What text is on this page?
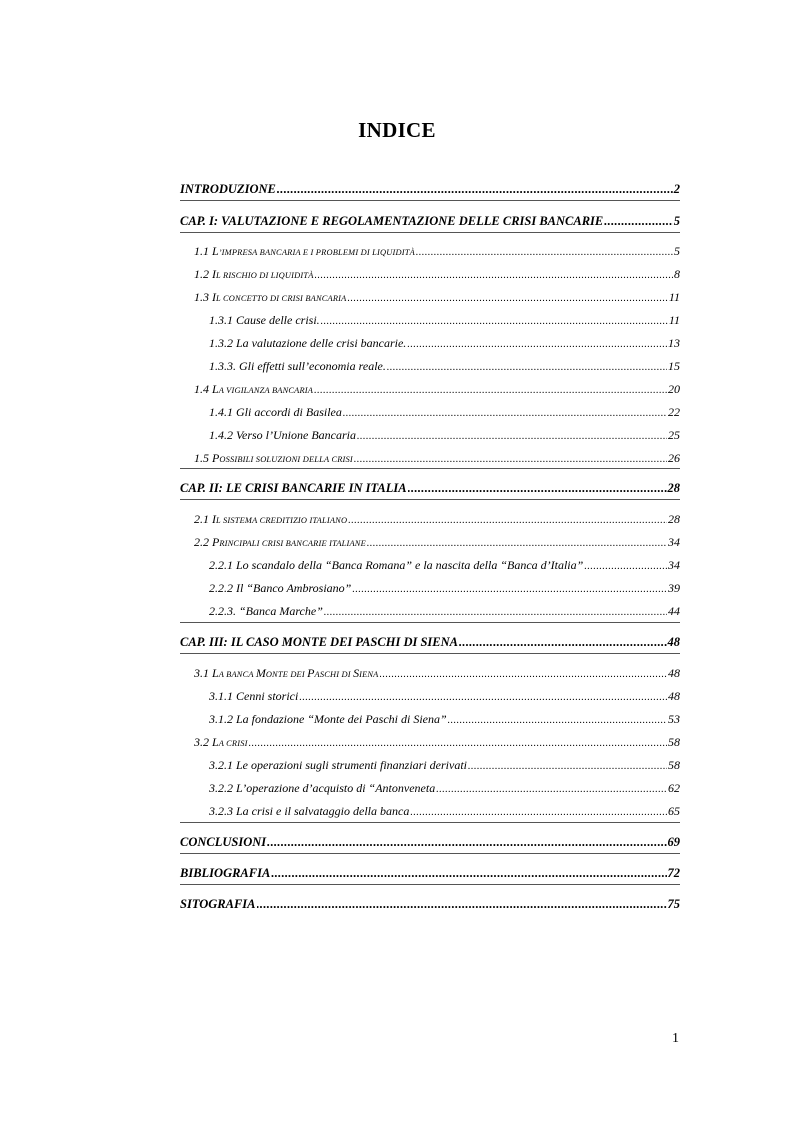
INDICE
INTRODUZIONE .....	2
CAP. I: VALUTAZIONE E REGOLAMENTAZIONE DELLE CRISI BANCARIE .....	5
1.1 L’IMPRESA BANCARIA E I PROBLEMI DI LIQUIDITÀ .....	5
1.2 IL RISCHIO DI LIQUIDITÀ .....	8
1.3 IL CONCETTO DI CRISI BANCARIA .....	11
1.3.1 Cause delle crisi. .....	11
1.3.2 La valutazione delle crisi bancarie. .....	13
1.3.3. Gli effetti sull’economia reale. .....	15
1.4 LA VIGILANZA BANCARIA .....	20
1.4.1 Gli accordi di Basilea .....	22
1.4.2 Verso l’Unione Bancaria .....	25
1.5 POSSIBILI SOLUZIONI DELLA CRISI .....	26
CAP. II: LE CRISI BANCARIE IN ITALIA .....	28
2.1 IL SISTEMA CREDITIZIO ITALIANO .....	28
2.2 PRINCIPALI CRISI BANCARIE ITALIANE .....	34
2.2.1 Lo scandalo della “Banca Romana” e la nascita della “Banca d’Italia” .....	34
2.2.2 Il “Banco Ambrosiano” .....	39
2.2.3. “Banca Marche” .....	44
CAP. III: IL CASO MONTE DEI PASCHI DI SIENA .....	48
3.1 LA BANCA MONTE DEI PASCHI DI SIENA .....	48
3.1.1 Cenni storici .....	48
3.1.2 La fondazione “Monte dei Paschi di Siena” .....	53
3.2 LA CRISI .....	58
3.2.1 Le operazioni sugli strumenti finanziari derivati .....	58
3.2.2 L’operazione d’acquisto di “Antonveneta .....	62
3.2.3 La crisi e il salvataggio della banca .....	65
CONCLUSIONI .....	69
BIBLIOGRAFIA .....	72
SITOGRAFIA .....	75
1
